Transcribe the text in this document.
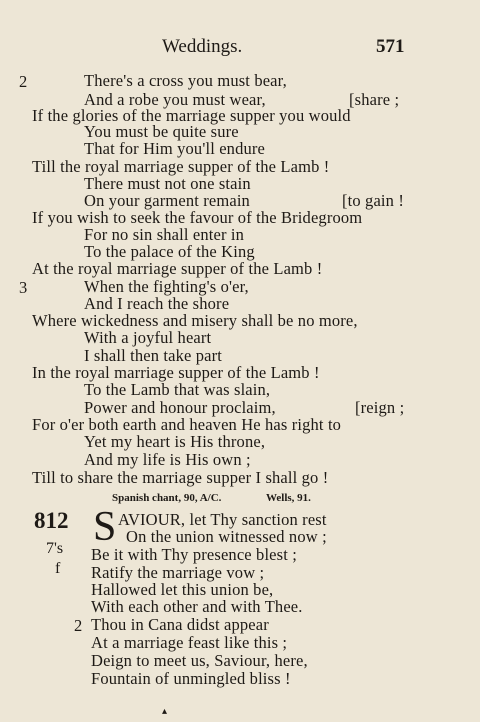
Weddings.	571
2	There's a cross you must bear,
And a robe you must wear,	[share ;
If the glories of the marriage supper you would
You must be quite sure
That for Him you'll endure
Till the royal marriage supper of the Lamb !
There must not one stain
On your garment remain	[to gain !
If you wish to seek the favour of the Bridegroom
For no sin shall enter in
To the palace of the King
At the royal marriage supper of the Lamb !
3	When the fighting's o'er,
And I reach the shore
Where wickedness and misery shall be no more,
With a joyful heart
I shall then take part
In the royal marriage supper of the Lamb !
To the Lamb that was slain,
Power and honour proclaim,	[reign ;
For o'er both earth and heaven He has right to
Yet my heart is His throne,
And my life is His own ;
Till to share the marriage supper I shall go !
Spanish chant, 90, A/C.	Wells, 91.
812 S
7's
f
AVIOUR, let Thy sanction rest
On the union witnessed now ;
Be it with Thy presence blest ;
Ratify the marriage vow ;
Hallowed let this union be,
With each other and with Thee.
2 Thou in Cana didst appear
At a marriage feast like this ;
Deign to meet us, Saviour, here,
Fountain of unmingled bliss !
▴
